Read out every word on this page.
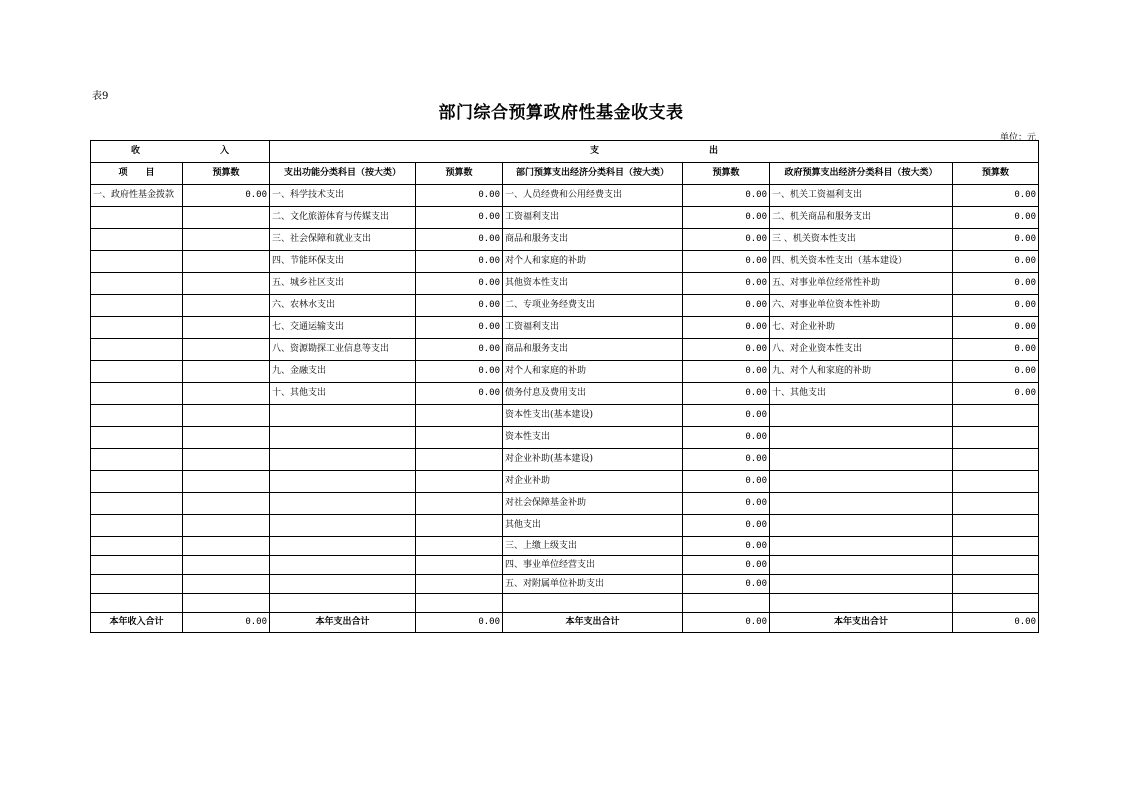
表9
部门综合预算政府性基金收支表
单位：元
收 入		支 出					
项　　目	预算数	支出功能分类科目（按大类）	预算数	部门预算支出经济分类科目（按大类）	预算数	政府预算支出经济分类科目（按大类）	预算数
一、政府性基金拨款	0.00	一、科学技术支出	0.00	一、人员经费和公用经费支出	0.00	一、机关工资福利支出	0.00
		二、文化旅游体育与传媒支出	0.00	工资福利支出	0.00	二、机关商品和服务支出	0.00
		三、社会保障和就业支出	0.00	商品和服务支出	0.00	三 、机关资本性支出	0.00
		四、节能环保支出	0.00	对个人和家庭的补助	0.00	四、机关资本性支出（基本建设）	0.00
		五、城乡社区支出	0.00	其他资本性支出	0.00	五、对事业单位经常性补助	0.00
		六、农林水支出	0.00	二、专项业务经费支出	0.00	六、对事业单位资本性补助	0.00
		七、交通运输支出	0.00	工资福利支出	0.00	七、对企业补助	0.00
		八、资源勘探工业信息等支出	0.00	商品和服务支出	0.00	八、对企业资本性支出	0.00
		九、金融支出	0.00	对个人和家庭的补助	0.00	九、对个人和家庭的补助	0.00
		十、其他支出	0.00	债务付息及费用支出	0.00	十、其他支出	0.00
				资本性支出(基本建设)	0.00		
				资本性支出	0.00		
				对企业补助(基本建设)	0.00		
				对企业补助	0.00		
				对社会保障基金补助	0.00		
				其他支出	0.00		
				三、上缴上级支出	0.00		
				四、事业单位经营支出	0.00		
				五、对附属单位补助支出	0.00		

本年收入合计	0.00	本年支出合计	0.00	本年支出合计	0.00	本年支出合计	0.00
